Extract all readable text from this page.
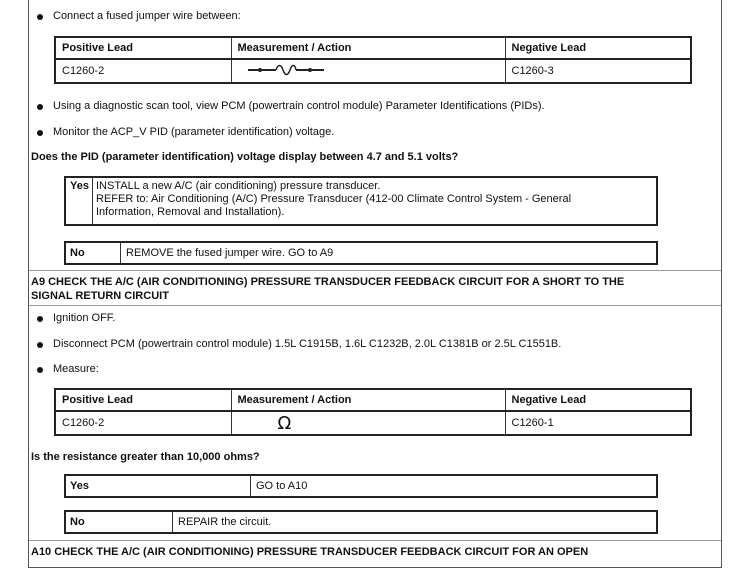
Connect a fused jumper wire between:
Positive Lead	Measurement / Action	Negative Lead
C1260-2		C1260-3
Using a diagnostic scan tool, view PCM (powertrain control module) Parameter Identifications (PIDs).
Monitor the ACP_V PID (parameter identification) voltage.
Does the PID (parameter identification) voltage display between 4.7 and 5.1 volts?
Yes INSTALL a new A/C (air conditioning) pressure transducer.
REFER to: Air Conditioning (A/C) Pressure Transducer (412-00 Climate Control System - General
Information, Removal and Installation).
No	REMOVE the fused jumper wire. GO to A9
A9 CHECK THE A/C (AIR CONDITIONING) PRESSURE TRANSDUCER FEEDBACK CIRCUIT FOR A SHORT TO THE
SIGNAL RETURN CIRCUIT
Ignition OFF.
Disconnect PCM (powertrain control module) 1.5L C1915B, 1.6L C1232B, 2.0L C1381B or 2.5L C1551B.
Measure:
Positive Lead	Measurement / Action	Negative Lead
C1260-2	Ω	C1260-1
Is the resistance greater than 10,000 ohms?
Yes	GO to A10
No	REPAIR the circuit.
A10 CHECK THE A/C (AIR CONDITIONING) PRESSURE TRANSDUCER FEEDBACK CIRCUIT FOR AN OPEN
